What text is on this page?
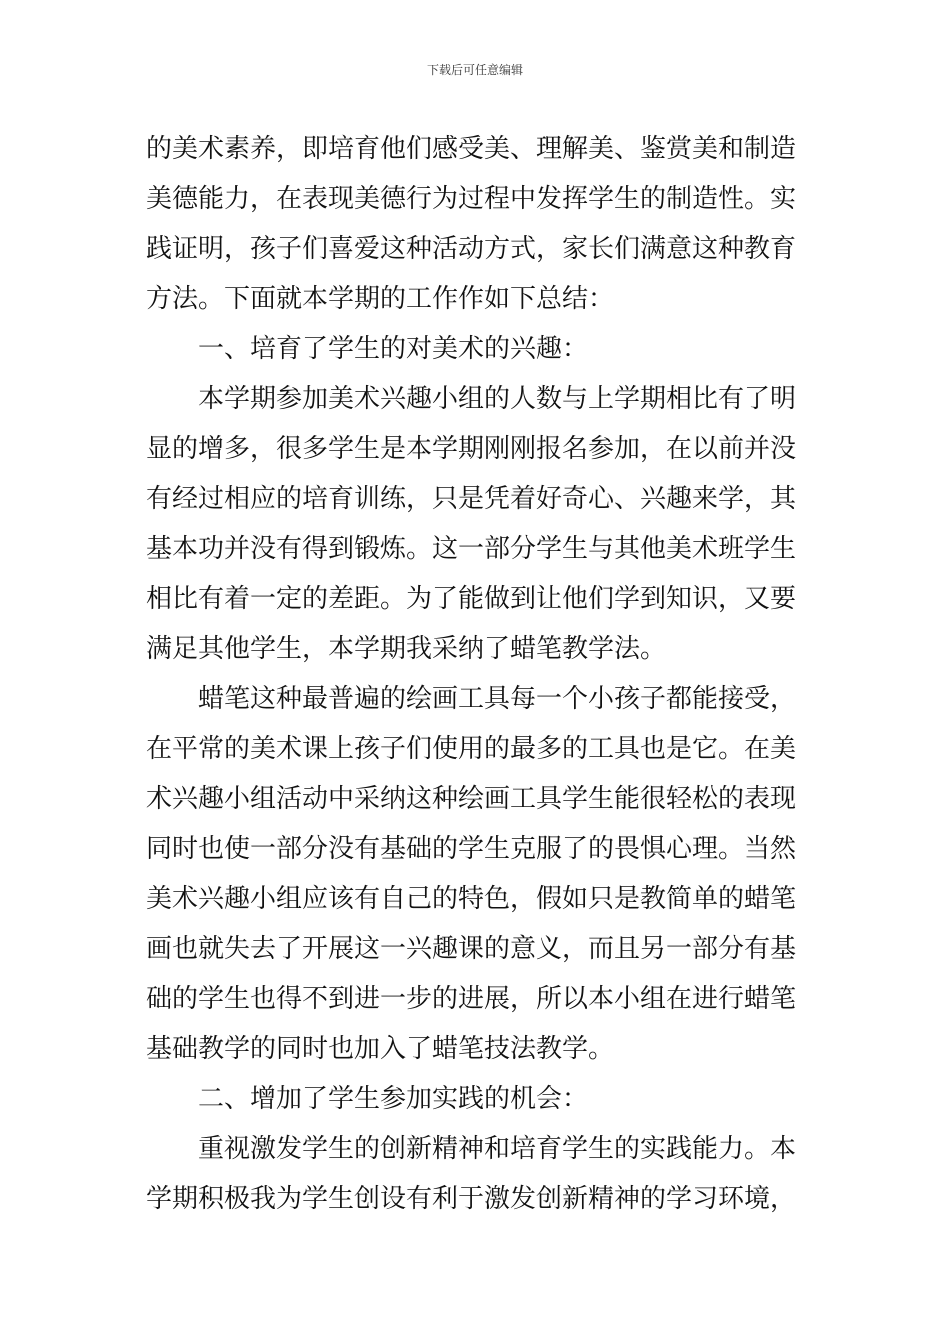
下载后可任意编辑
的美术素养，即培育他们感受美、理解美、鉴赏美和制造
美德能力，在表现美德行为过程中发挥学生的制造性。实
践证明，孩子们喜爱这种活动方式，家长们满意这种教育
方法。下面就本学期的工作作如下总结：
一、培育了学生的对美术的兴趣：
本学期参加美术兴趣小组的人数与上学期相比有了明
显的增多，很多学生是本学期刚刚报名参加，在以前并没
有经过相应的培育训练，只是凭着好奇心、兴趣来学，其
基本功并没有得到锻炼。这一部分学生与其他美术班学生
相比有着一定的差距。为了能做到让他们学到知识，又要
满足其他学生，本学期我采纳了蜡笔教学法。
蜡笔这种最普遍的绘画工具每一个小孩子都能接受，
在平常的美术课上孩子们使用的最多的工具也是它。在美
术兴趣小组活动中采纳这种绘画工具学生能很轻松的表现
同时也使一部分没有基础的学生克服了的畏惧心理。当然
美术兴趣小组应该有自己的特色，假如只是教简单的蜡笔
画也就失去了开展这一兴趣课的意义，而且另一部分有基
础的学生也得不到进一步的进展，所以本小组在进行蜡笔
基础教学的同时也加入了蜡笔技法教学。
二、增加了学生参加实践的机会：
重视激发学生的创新精神和培育学生的实践能力。本
学期积极我为学生创设有利于激发创新精神的学习环境，
